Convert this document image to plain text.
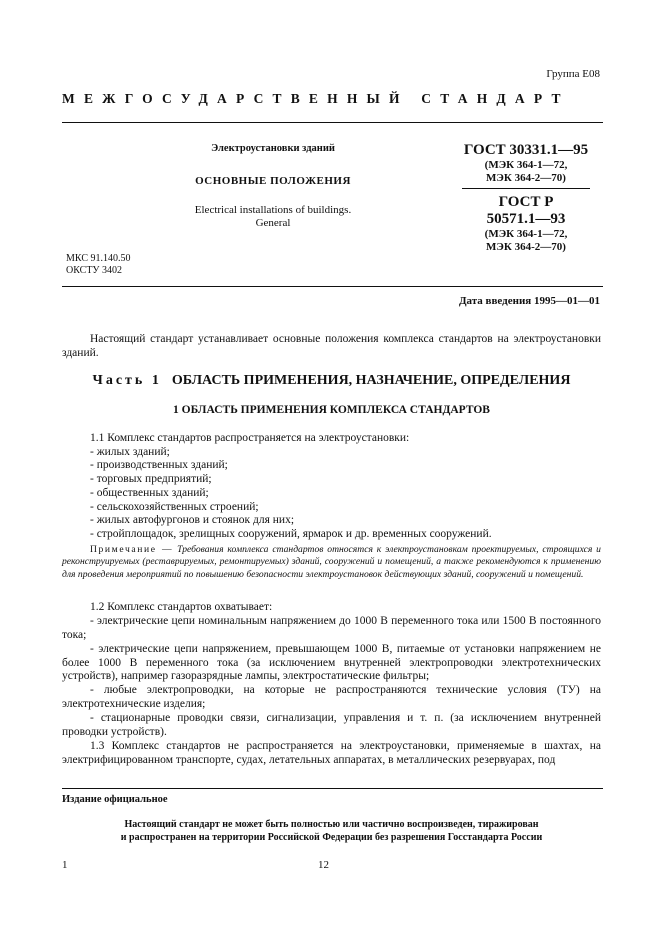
Группа Е08
МЕЖГОСУДАРСТВЕННЫЙ СТАНДАРТ
Электроустановки зданий
ОСНОВНЫЕ ПОЛОЖЕНИЯ
Electrical installations of buildings.
General
ГОСТ 30331.1—95
(МЭК 364-1—72,
МЭК 364-2—70)
ГОСТ Р
50571.1—93
(МЭК 364-1—72,
МЭК 364-2—70)
МКС 91.140.50
ОКСТУ 3402
Дата введения 1995—01—01
Настоящий стандарт устанавливает основные положения комплекса стандартов на электроустановки зданий.
Часть 1 ОБЛАСТЬ ПРИМЕНЕНИЯ, НАЗНАЧЕНИЕ, ОПРЕДЕЛЕНИЯ
1 ОБЛАСТЬ ПРИМЕНЕНИЯ КОМПЛЕКСА СТАНДАРТОВ
1.1 Комплекс стандартов распространяется на электроустановки:
- жилых зданий;
- производственных зданий;
- торговых предприятий;
- общественных зданий;
- сельскохозяйственных строений;
- жилых автофургонов и стоянок для них;
- стройплощадок, зрелищных сооружений, ярмарок и др. временных сооружений.
Примечание — Требования комплекса стандартов относятся к электроустановкам проектируемых, строящихся и реконструируемых (реставрируемых, ремонтируемых) зданий, сооружений и помещений, а также рекомендуются к применению для проведения мероприятий по повышению безопасности электроустановок действующих зданий, сооружений и помещений.
1.2 Комплекс стандартов охватывает:
- электрические цепи номинальным напряжением до 1000 В переменного тока или 1500 В постоянного тока;
- электрические цепи напряжением, превышающем 1000 В, питаемые от установки напряжением не более 1000 В переменного тока (за исключением внутренней электропроводки электротехнических устройств), например газоразрядные лампы, электростатические фильтры;
- любые электропроводки, на которые не распространяются технические условия (ТУ) на электротехнические изделия;
- стационарные проводки связи, сигнализации, управления и т. п. (за исключением внутренней проводки устройств).
1.3 Комплекс стандартов не распространяется на электроустановки, применяемые в шахтах, на электрифицированном транспорте, судах, летательных аппаратах, в металлических резервуарах, под
Издание официальное
Настоящий стандарт не может быть полностью или частично воспроизведен, тиражирован
и распространен на территории Российской Федерации без разрешения Госстандарта России
1	12
